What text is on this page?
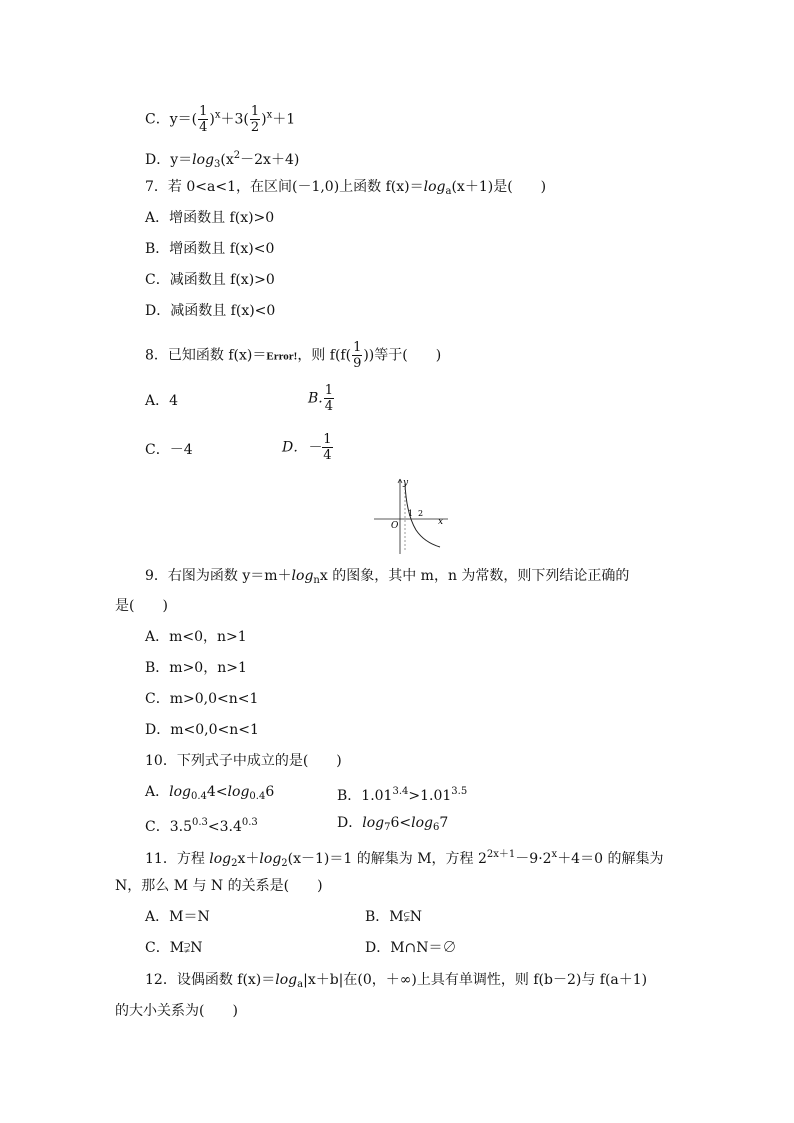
C．$y=( \frac{1}{4} )^x+3( \frac{1}{2} )^x+1$
D．$y=\log_3(x^2-2x+4)$
7．若 0<a<1，在区间(－1,0)上函数 $f(x)=\log_a(x+1)$是(　　)
A．增函数且 f(x)>0
B．增函数且 f(x)<0
C．减函数且 f(x)>0
D．减函数且 f(x)<0
8．已知函数 f(x)＝Error!，则 $f(f( \frac{1}{9}$ ))等于(　　)
A．4	B. $\frac{1}{4}$
C．－4	D．－ $\frac{1}{4}$
y
x
O
1 2
9．右图为函数 $y=m+\log_nx$ 的图象，其中 m，n 为常数，则下列结论正确的
是(　　)
A．m<0，n>1
B．m>0，n>1
C．m>0,0<n<1
D．m<0,0<n<1
10．下列式子中成立的是(　　)
A．$\log_{0.4}4<\log_{0.4}6$	B．$1.01^{3.4}>1.01^{3.5}$
C．$3.5^{0.3}<3.4^{0.3}$	D．$\log_76<\log_67$
11．方程 $\log_2x+\log_2(x-1)=1$ 的解集为 M，方程 $2^{2x+1}-9\cdot 2^x+4=0$ 的解集为
N，那么 M 与 N 的关系是(　　)
A．M＝N	B．M⫋N
C．M⫌N	D．M∩N＝∅
12．设偶函数 $f(x)=\log_a|x+b|$在(0，＋∞)上具有单调性，则 f(b－2)与 f(a＋1)
的大小关系为(　　)
